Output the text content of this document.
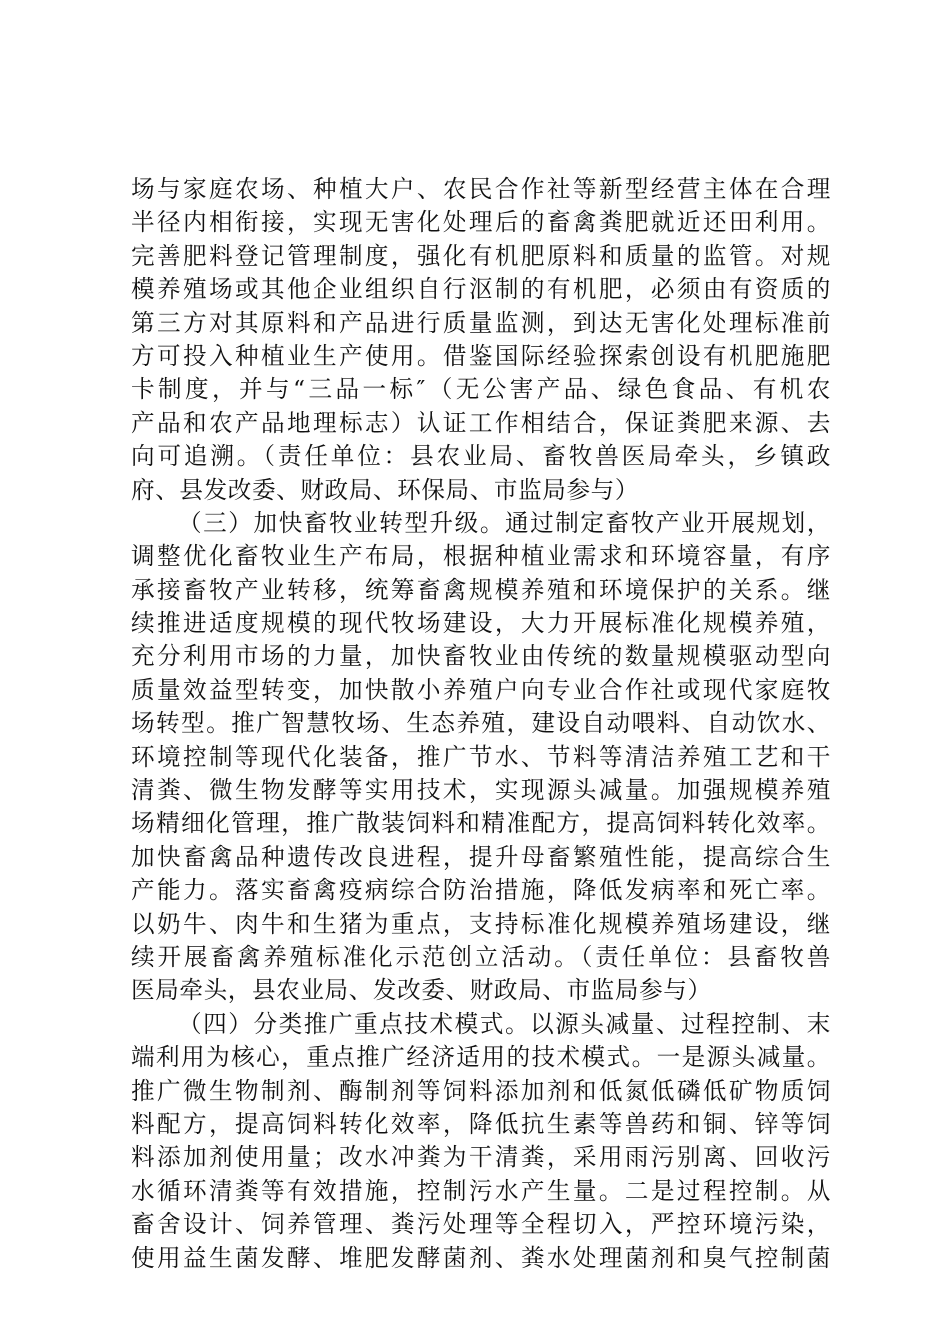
场与家庭农场、种植大户、农民合作社等新型经营主体在合理
半径内相衔接，实现无害化处理后的畜禽粪肥就近还田利用。
完善肥料登记管理制度，强化有机肥原料和质量的监管。对规
模养殖场或其他企业组织自行沤制的有机肥，必须由有资质的
第三方对其原料和产品进行质量监测，到达无害化处理标准前
方可投入种植业生产使用。借鉴国际经验探索创设有机肥施肥
卡制度，并与“三品一标″（无公害产品、绿色食品、有机农
产品和农产品地理标志）认证工作相结合，保证粪肥来源、去
向可追溯。（责任单位：县农业局、畜牧兽医局牵头，乡镇政
府、县发改委、财政局、环保局、市监局参与）
（三）加快畜牧业转型升级。通过制定畜牧产业开展规划，
调整优化畜牧业生产布局，根据种植业需求和环境容量，有序
承接畜牧产业转移，统筹畜禽规模养殖和环境保护的关系。继
续推进适度规模的现代牧场建设，大力开展标准化规模养殖，
充分利用市场的力量，加快畜牧业由传统的数量规模驱动型向
质量效益型转变，加快散小养殖户向专业合作社或现代家庭牧
场转型。推广智慧牧场、生态养殖，建设自动喂料、自动饮水、
环境控制等现代化装备，推广节水、节料等清洁养殖工艺和干
清粪、微生物发酵等实用技术，实现源头减量。加强规模养殖
场精细化管理，推广散装饲料和精准配方，提高饲料转化效率。
加快畜禽品种遗传改良进程，提升母畜繁殖性能，提高综合生
产能力。落实畜禽疫病综合防治措施，降低发病率和死亡率。
以奶牛、肉牛和生猪为重点，支持标准化规模养殖场建设，继
续开展畜禽养殖标准化示范创立活动。（责任单位：县畜牧兽
医局牵头，县农业局、发改委、财政局、市监局参与）
（四）分类推广重点技术模式。以源头减量、过程控制、末
端利用为核心，重点推广经济适用的技术模式。一是源头减量。
推广微生物制剂、酶制剂等饲料添加剂和低氮低磷低矿物质饲
料配方，提高饲料转化效率，降低抗生素等兽药和铜、锌等饲
料添加剂使用量；改水冲粪为干清粪，采用雨污别离、回收污
水循环清粪等有效措施，控制污水产生量。二是过程控制。从
畜舍设计、饲养管理、粪污处理等全程切入，严控环境污染，
使用益生菌发酵、堆肥发酵菌剂、粪水处理菌剂和臭气控制菌
